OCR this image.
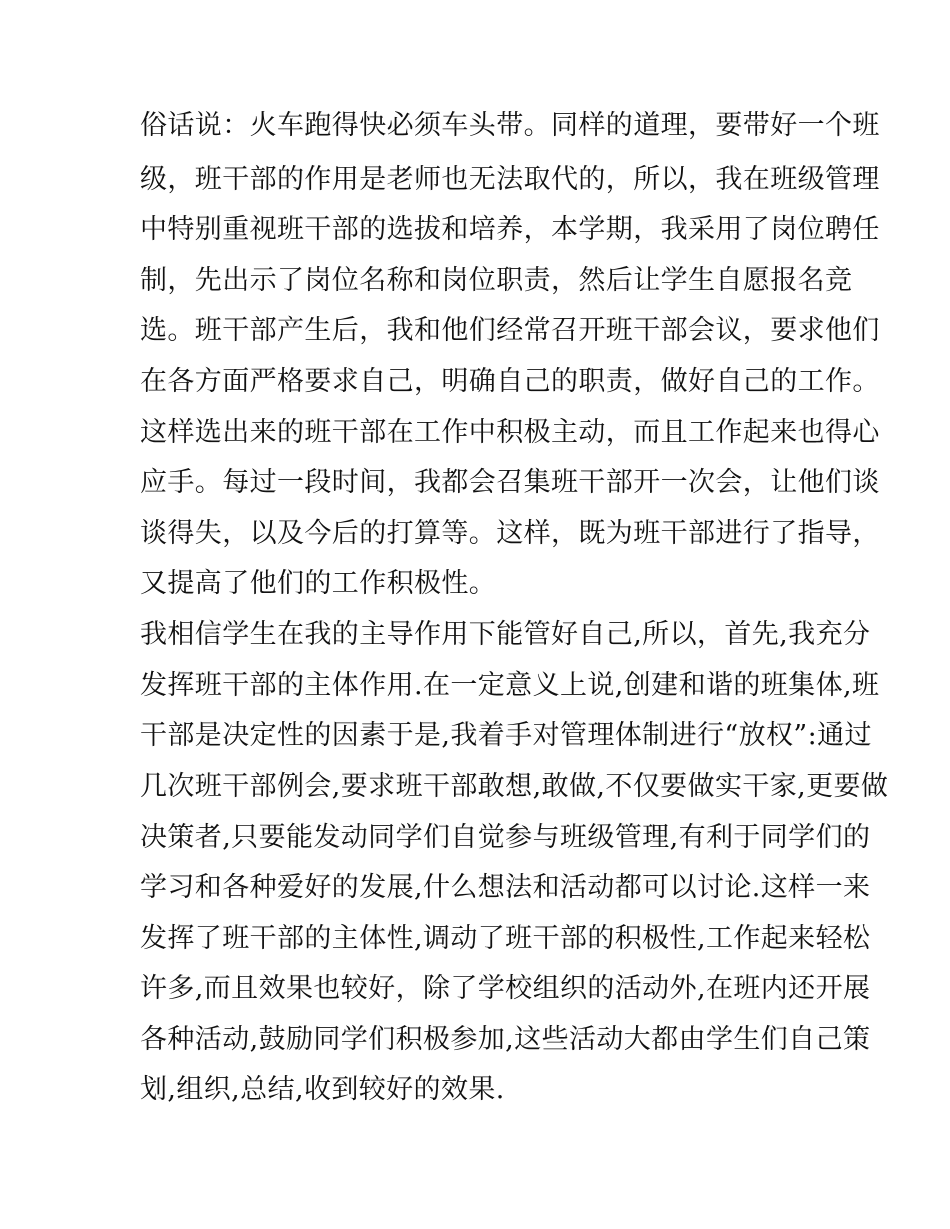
俗话说：火车跑得快必须车头带。同样的道理，要带好一个班
级，班干部的作用是老师也无法取代的，所以，我在班级管理
中特别重视班干部的选拔和培养，本学期，我采用了岗位聘任
制，先出示了岗位名称和岗位职责，然后让学生自愿报名竞
选。班干部产生后，我和他们经常召开班干部会议，要求他们
在各方面严格要求自己，明确自己的职责，做好自己的工作。
这样选出来的班干部在工作中积极主动，而且工作起来也得心
应手。每过一段时间，我都会召集班干部开一次会，让他们谈
谈得失，以及今后的打算等。这样，既为班干部进行了指导，
又提高了他们的工作积极性。
我相信学生在我的主导作用下能管好自己,所以，首先,我充分
发挥班干部的主体作用.在一定意义上说,创建和谐的班集体,班
干部是决定性的因素于是,我着手对管理体制进行“放权”:通过
几次班干部例会,要求班干部敢想,敢做,不仅要做实干家,更要做
决策者,只要能发动同学们自觉参与班级管理,有利于同学们的
学习和各种爱好的发展,什么想法和活动都可以讨论.这样一来
发挥了班干部的主体性,调动了班干部的积极性,工作起来轻松
许多,而且效果也较好，除了学校组织的活动外,在班内还开展
各种活动,鼓励同学们积极参加,这些活动大都由学生们自己策
划,组织,总结,收到较好的效果.
